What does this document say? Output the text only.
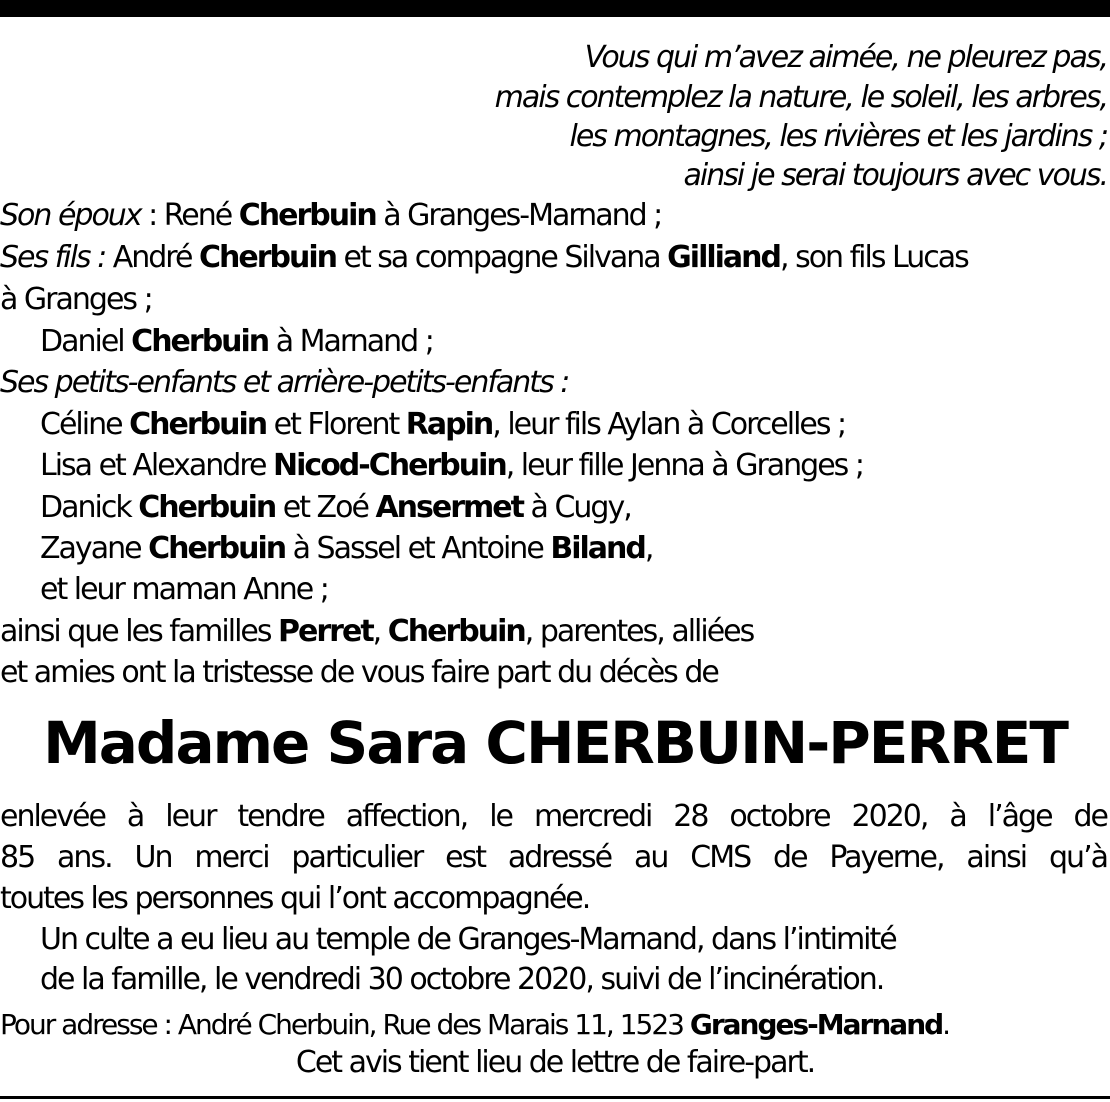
Vous qui m’avez aimée, ne pleurez pas,
mais contemplez la nature, le soleil, les arbres,
les montagnes, les rivières et les jardins ;
ainsi je serai toujours avec vous.
Son époux : René Cherbuin à Granges-Marnand ;
Ses fils : André Cherbuin et sa compagne Silvana Gilliand, son fils Lucas
à Granges ;
Daniel Cherbuin à Marnand ;
Ses petits-enfants et arrière-petits-enfants :
Céline Cherbuin et Florent Rapin, leur fils Aylan à Corcelles ;
Lisa et Alexandre Nicod-Cherbuin, leur fille Jenna à Granges ;
Danick Cherbuin et Zoé Ansermet à Cugy,
Zayane Cherbuin à Sassel et Antoine Biland,
et leur maman Anne ;
ainsi que les familles Perret, Cherbuin, parentes, alliées
et amies ont la tristesse de vous faire part du décès de
Madame Sara CHERBUIN-PERRET
enlevée à leur tendre affection, le mercredi 28 octobre 2020, à l’âge de
85 ans. Un merci particulier est adressé au CMS de Payerne, ainsi qu’à
toutes les personnes qui l’ont accompagnée.
Un culte a eu lieu au temple de Granges-Marnand, dans l’intimité
de la famille, le vendredi 30 octobre 2020, suivi de l’incinération.
Pour adresse : André Cherbuin, Rue des Marais 11, 1523 Granges-Marnand.
Cet avis tient lieu de lettre de faire-part.
